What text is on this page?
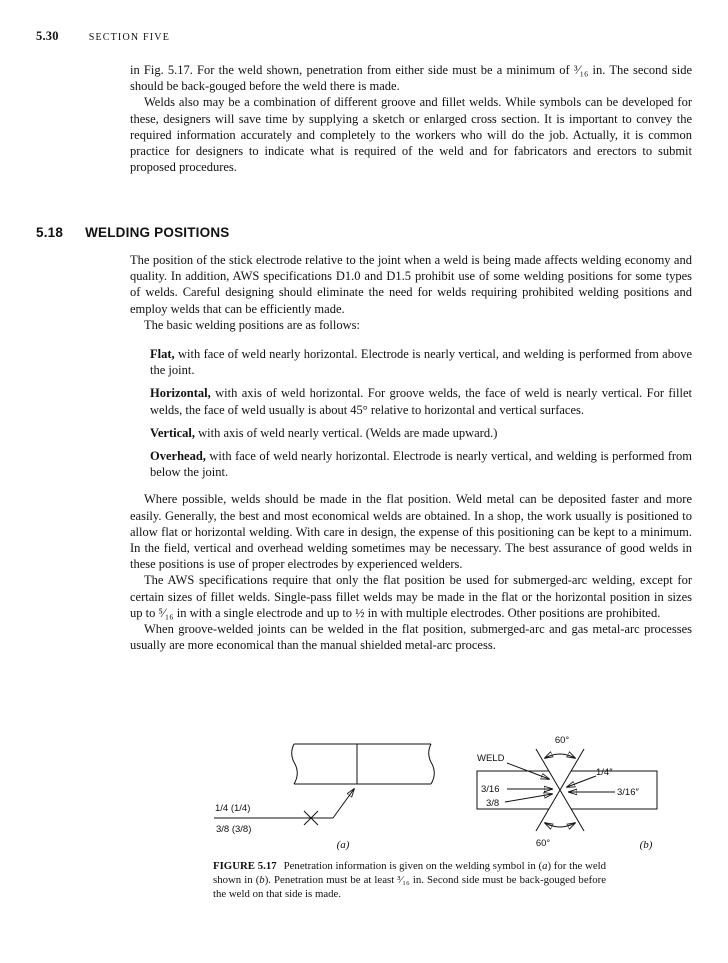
5.30	SECTION FIVE

in Fig. 5.17. For the weld shown, penetration from either side must be a minimum of ³⁄₁₆ in. The second side should be back-gouged before the weld there is made.

Welds also may be a combination of different groove and fillet welds. While symbols can be developed for these, designers will save time by supplying a sketch or enlarged cross section. It is important to convey the required information accurately and completely to the workers who will do the job. Actually, it is common practice for designers to indicate what is required of the weld and for fabricators and erectors to submit proposed procedures.

5.18 WELDING POSITIONS

The position of the stick electrode relative to the joint when a weld is being made affects welding economy and quality. In addition, AWS specifications D1.0 and D1.5 prohibit use of some welding positions for some types of welds. Careful designing should eliminate the need for welds requiring prohibited welding positions and employ welds that can be efficiently made.

The basic welding positions are as follows:

Flat, with face of weld nearly horizontal. Electrode is nearly vertical, and welding is performed from above the joint.

Horizontal, with axis of weld horizontal. For groove welds, the face of weld is nearly vertical. For fillet welds, the face of weld usually is about 45° relative to horizontal and vertical surfaces.

Vertical, with axis of weld nearly vertical. (Welds are made upward.)

Overhead, with face of weld nearly horizontal. Electrode is nearly vertical, and welding is performed from below the joint.

Where possible, welds should be made in the flat position. Weld metal can be deposited faster and more easily. Generally, the best and most economical welds are obtained. In a shop, the work usually is positioned to allow flat or horizontal welding. With care in design, the expense of this positioning can be kept to a minimum. In the field, vertical and overhead welding sometimes may be necessary. The best assurance of good welds in these positions is use of proper electrodes by experienced welders.

The AWS specifications require that only the flat position be used for submerged-arc welding, except for certain sizes of fillet welds. Single-pass fillet welds may be made in the flat or the horizontal position in sizes up to ⁵⁄₁₆ in with a single electrode and up to ½ in with multiple electrodes. Other positions are prohibited.

When groove-welded joints can be welded in the flat position, submerged-arc and gas metal-arc processes usually are more economical than the manual shielded metal-arc process.

1/4 (1/4)
3/8 (3/8)
(a)
60°
WELD
3/16
3/8
1/4″
3/16″
60°	(b)
FIGURE 5.17 Penetration information is given on the welding symbol in (a) for the weld shown in (b). Penetration must be at least ³⁄₁₆ in. Second side must be back-gouged before the weld on that side is made.
